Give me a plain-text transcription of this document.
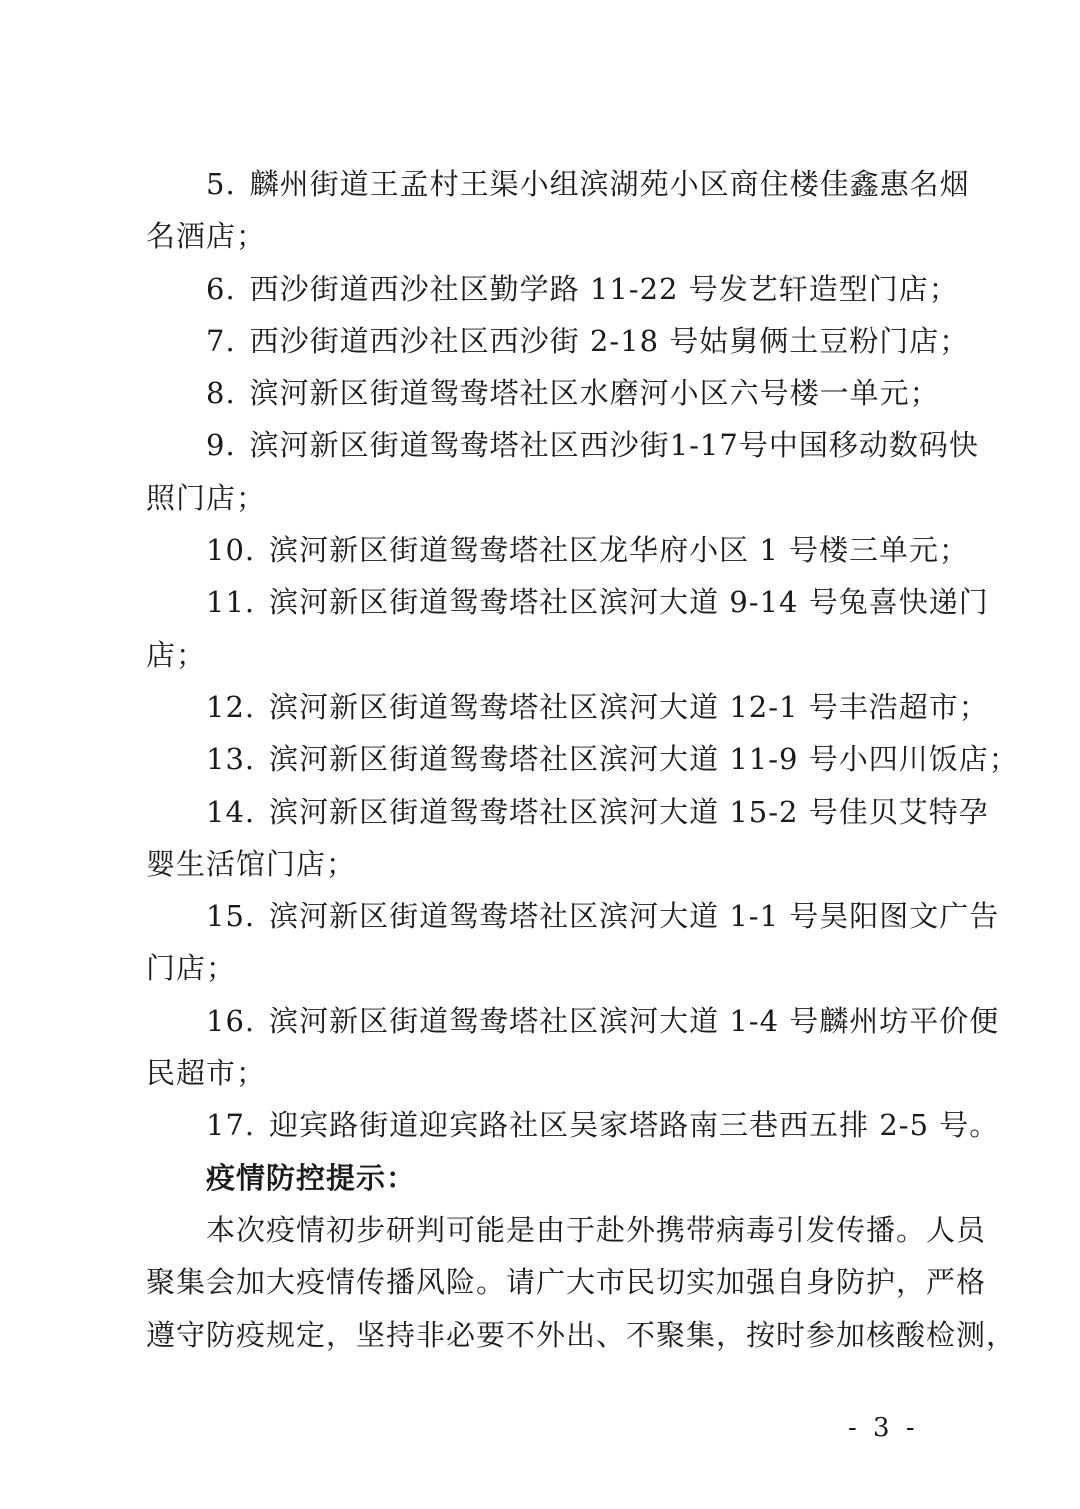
5. 麟州街道王孟村王渠小组滨湖苑小区商住楼佳鑫惠名烟
名酒店；
6. 西沙街道西沙社区勤学路 11-22 号发艺轩造型门店；
7. 西沙街道西沙社区西沙街 2-18 号姑舅俩土豆粉门店；
8. 滨河新区街道鸳鸯塔社区水磨河小区六号楼一单元；
9. 滨河新区街道鸳鸯塔社区西沙街1-17号中国移动数码快
照门店；
10. 滨河新区街道鸳鸯塔社区龙华府小区 1 号楼三单元；
11. 滨河新区街道鸳鸯塔社区滨河大道 9-14 号兔喜快递门
店；
12. 滨河新区街道鸳鸯塔社区滨河大道 12-1 号丰浩超市；
13. 滨河新区街道鸳鸯塔社区滨河大道 11-9 号小四川饭店；
14. 滨河新区街道鸳鸯塔社区滨河大道 15-2 号佳贝艾特孕
婴生活馆门店；
15. 滨河新区街道鸳鸯塔社区滨河大道 1-1 号昊阳图文广告
门店；
16. 滨河新区街道鸳鸯塔社区滨河大道 1-4 号麟州坊平价便
民超市；
17. 迎宾路街道迎宾路社区吴家塔路南三巷西五排 2-5 号。
疫情防控提示：
本次疫情初步研判可能是由于赴外携带病毒引发传播。人员
聚集会加大疫情传播风险。请广大市民切实加强自身防护，严格
遵守防疫规定，坚持非必要不外出、不聚集，按时参加核酸检测，
- 3 -
